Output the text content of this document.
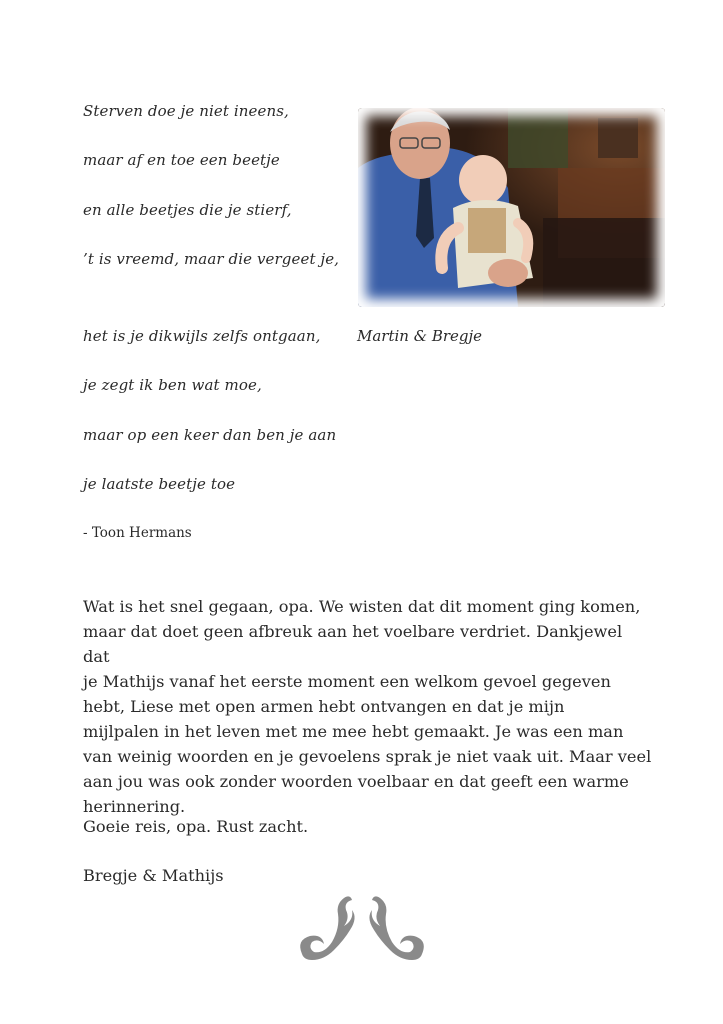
Sterven doe je niet ineens,
maar af en toe een beetje
en alle beetjes die je stierf,
’t is vreemd, maar die vergeet je,
het is je dikwijls zelfs ontgaan,
je zegt ik ben wat moe,
maar op een keer dan ben je aan
je laatste beetje toe
- Toon Hermans
Martin & Bregje

Wat is het snel gegaan, opa. We wisten dat dit moment ging komen,

maar dat doet geen afbreuk aan het voelbare verdriet. Dankjewel dat

je Mathijs vanaf het eerste moment een welkom gevoel gegeven

hebt, Liese met open armen hebt ontvangen en dat je mijn

mijlpalen in het leven met me mee hebt gemaakt. Je was een man

van weinig woorden en je gevoelens sprak je niet vaak uit. Maar veel

aan jou was ook zonder woorden voelbaar en dat geeft een warme

herinnering.

Goeie reis, opa. Rust zacht.
Bregje & Mathijs
